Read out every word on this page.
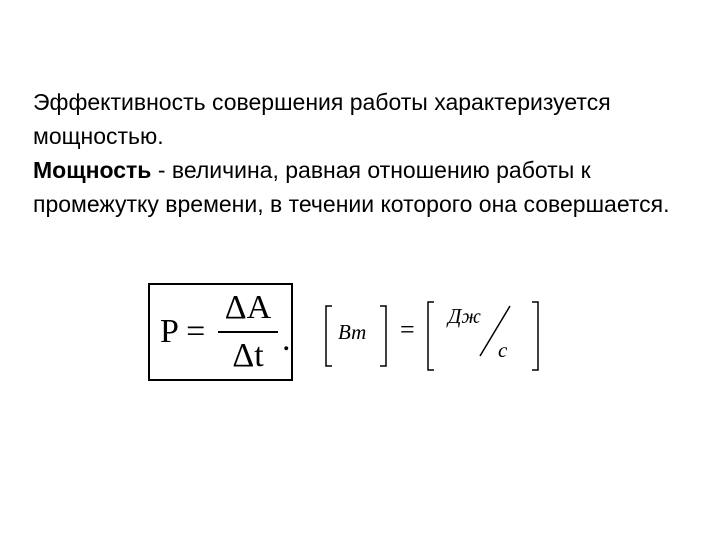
Эффективность совершения работы характеризуется мощностью.

Мощность - величина, равная отношению работы к промежутку времени, в течении которого она совершается.

P =
ΔA
Δt . Вт = Дж
с
